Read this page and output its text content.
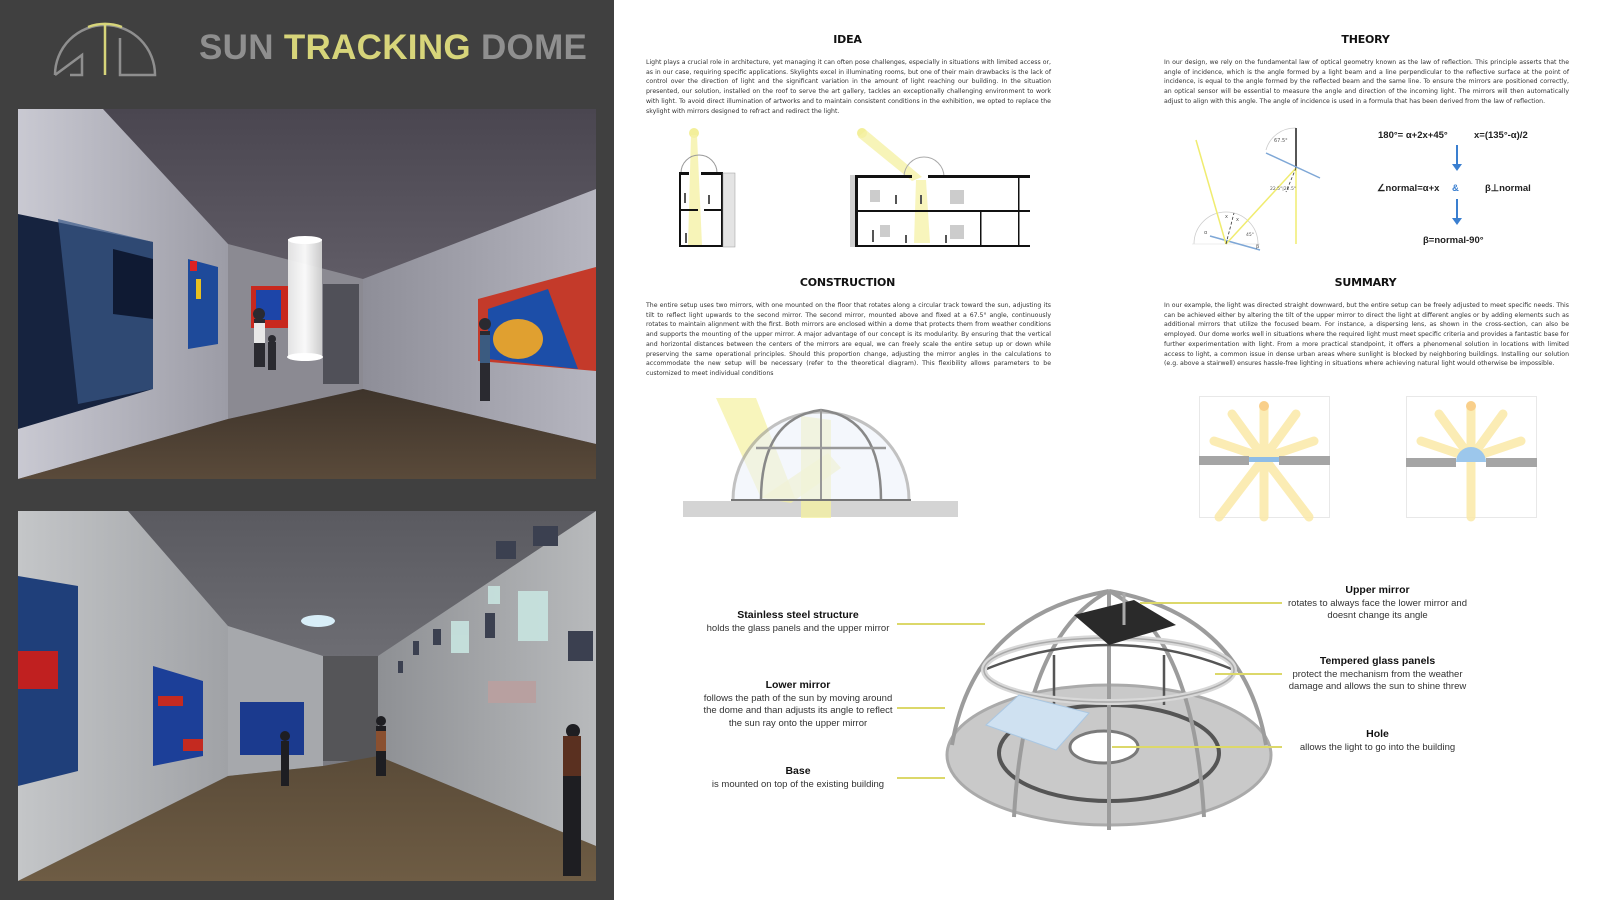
SUN TRACKING DOME	IDEA
Light plays a crucial role in architecture, yet managing it can often pose challenges, especially in situations with limited access or, as in our case, requiring specific applications. Skylights excel in illuminating rooms, but one of their main drawbacks is the lack of control over the direction of light and the significant variation in the amount of light reaching our building. In the situation presented, our solution, installed on the roof to serve the art gallery, tackles an exceptionally challenging environment to work with light. To avoid direct illumination of artworks and to maintain consistent conditions in the exhibition, we opted to replace the skylight with mirrors designed to refract and redirect the light.
THEORY
In our design, we rely on the fundamental law of optical geometry known as the law of reflection. This principle asserts that the angle of incidence, which is the angle formed by a light beam and a line perpendicular to the reflective surface at the point of incidence, is equal to the angle formed by the reflected beam and the same line. To ensure the mirrors are positioned correctly, an optical sensor will be essential to measure the angle and direction of the incoming light. The mirrors will then automatically adjust to align with this angle. The angle of incidence is used in a formula that has been derived from the law of reflection.
67.5°
22.5°|22.5°
α
x x
45°
β
180°= α+2x+45°	x=(135°-α)/2
∠normal=α+x &	β⊥normal
β=normal-90°
CONSTRUCTION
The entire setup uses two mirrors, with one mounted on the floor that rotates along a circular track toward the sun, adjusting its tilt to reflect light upwards to the second mirror. The second mirror, mounted above and fixed at a 67.5° angle, continuously rotates to maintain alignment with the first. Both mirrors are enclosed within a dome that protects them from weather conditions and supports the mounting of the upper mirror. A major advantage of our concept is its modularity. By ensuring that the vertical and horizontal distances between the centers of the mirrors are equal, we can freely scale the entire setup up or down while preserving the same operational principles. Should this proportion change, adjusting the mirror angles in the calculations to accommodate the new setup will be necessary (refer to the theoretical diagram). This flexibility allows parameters to be customized to meet individual conditions
SUMMARY
In our example, the light was directed straight downward, but the entire setup can be freely adjusted to meet specific needs. This can be achieved either by altering the tilt of the upper mirror to direct the light at different angles or by adding elements such as additional mirrors that utilize the focused beam. For instance, a dispersing lens, as shown in the cross-section, can also be employed. Our dome works well in situations where the required light must meet specific criteria and provides a fantastic base for further experimentation with light. From a more practical standpoint, it offers a phenomenal solution in locations with limited access to light, a common issue in dense urban areas where sunlight is blocked by neighboring buildings. Installing our solution (e.g. above a stairwell) ensures hassle-free lighting in situations where achieving natural light would otherwise be impossible.
Stainless steel structure
holds the glass panels and the upper mirror
Lower mirror
follows the path of the sun by moving around the dome and than adjusts its angle to reflect the sun ray onto the upper mirror
Base
is mounted on top of the existing building
Upper mirror
rotates to always face the lower mirror and doesnt change its angle
Tempered glass panels
protect the mechanism from the weather damage and allows the sun to shine threw
Hole
allows the light to go into the building
